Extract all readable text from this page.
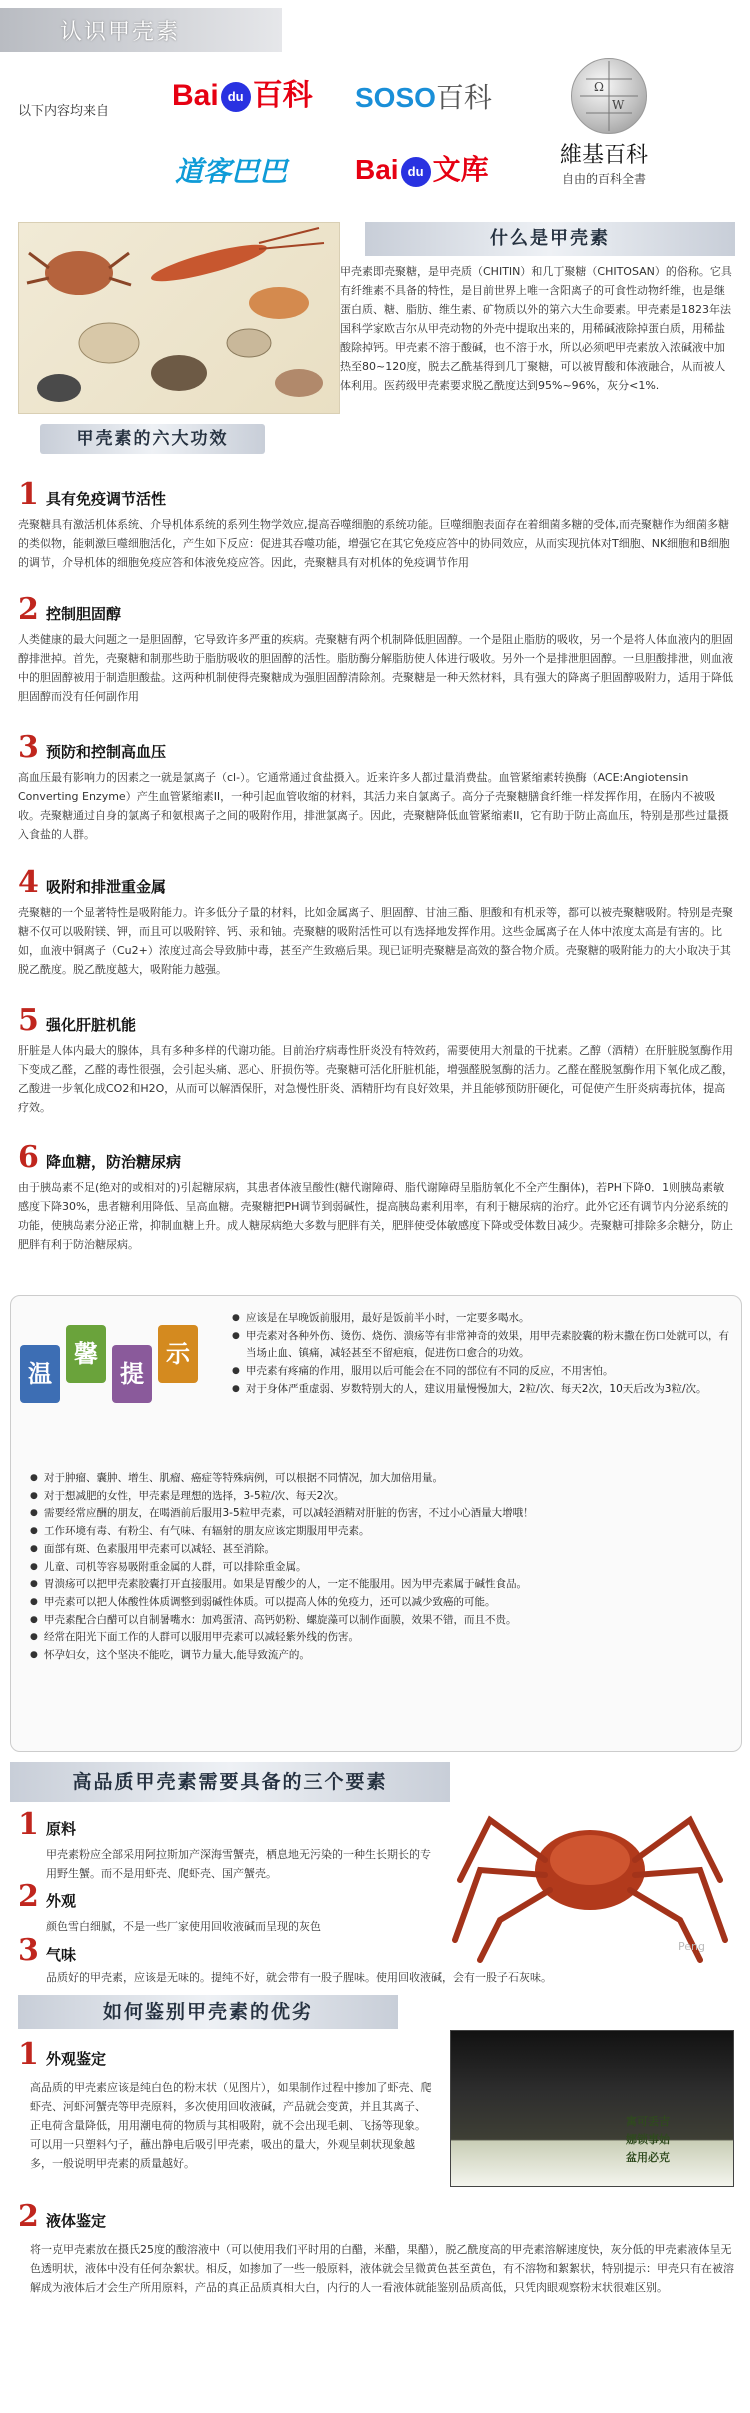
认识甲壳素
以下内容均来自 Bai du 百科 SOSO百科
道客巴巴 Bai du 文库
Ω
W
維基百科
自由的百科全書
什么是甲壳素
甲壳素即壳聚糖，是甲壳质（CHITIN）和几丁聚糖（CHITOSAN）的俗称。它具有纤维素不具备的特性，是目前世界上唯一含阳离子的可食性动物纤维，也是继蛋白质、糖、脂肪、维生素、矿物质以外的第六大生命要素。甲壳素是1823年法国科学家欧吉尔从甲壳动物的外壳中提取出来的，用稀碱液除掉蛋白质，用稀盐酸除掉钙。甲壳素不溶于酸碱，也不溶于水，所以必须吧甲壳素放入浓碱液中加热至80~120度，脱去乙酰基得到几丁聚糖，可以被胃酸和体液融合，从而被人体利用。医药级甲壳素要求脱乙酰度达到95%~96%，灰分<1%.
甲壳素的六大功效
1 具有免疫调节活性
壳聚糖具有激活机体系统、介导机体系统的系列生物学效应,提高吞噬细胞的系统功能。巨噬细胞表面存在着细菌多糖的受体,而壳聚糖作为细菌多糖的类似物，能刺激巨噬细胞活化，产生如下反应：促进其吞噬功能，增强它在其它免疫应答中的协同效应，从而实现抗体对T细胞、NK细胞和B细胞的调节，介导机体的细胞免疫应答和体液免疫应答。因此，壳聚糖具有对机体的免疫调节作用
2 控制胆固醇
人类健康的最大问题之一是胆固醇，它导致许多严重的疾病。壳聚糖有两个机制降低胆固醇。一个是阻止脂肪的吸收，另一个是将人体血液内的胆固醇排泄掉。首先，壳聚糖和制那些助于脂肪吸收的胆固醇的活性。脂肪酶分解脂肪使人体进行吸收。另外一个是排泄胆固醇。一旦胆酸排泄，则血液中的胆固醇被用于制造胆酸盐。这两种机制使得壳聚糖成为强胆固醇清除剂。壳聚糖是一种天然材料，具有强大的降离子胆固醇吸附力，适用于降低胆固醇而没有任何副作用
3 预防和控制高血压
高血压最有影响力的因素之一就是氯离子（cl-）。它通常通过食盐摄入。近来许多人都过量消费盐。血管紧缩素转换酶（ACE:Angiotensin Converting Enzyme）产生血管紧缩素II，一种引起血管收缩的材料，其活力来自氯离子。高分子壳聚糖膳食纤维一样发挥作用，在肠内不被吸收。壳聚糖通过自身的氯离子和氨根离子之间的吸附作用，排泄氯离子。因此，壳聚糖降低血管紧缩素II，它有助于防止高血压，特别是那些过量摄入食盐的人群。
4 吸附和排泄重金属
壳聚糖的一个显著特性是吸附能力。许多低分子量的材料，比如金属离子、胆固醇、甘油三酯、胆酸和有机汞等，都可以被壳聚糖吸附。特别是壳聚糖不仅可以吸附镁、钾，而且可以吸附锌、钙、汞和铀。壳聚糖的吸附活性可以有选择地发挥作用。这些金属离子在人体中浓度太高是有害的。比如，血液中铜离子（Cu2+）浓度过高会导致肺中毒，甚至产生致癌后果。现已证明壳聚糖是高效的螯合物介质。壳聚糖的吸附能力的大小取决于其脱乙酰度。脱乙酰度越大，吸附能力越强。
5 强化肝脏机能
肝脏是人体内最大的腺体，具有多种多样的代谢功能。目前治疗病毒性肝炎没有特效药，需要使用大剂量的干扰素。乙醇（酒精）在肝脏脱氢酶作用下变成乙醛，乙醛的毒性很强，会引起头痛、恶心、肝损伤等。壳聚糖可活化肝脏机能，增强醛脱氢酶的活力。乙醛在醛脱氢酶作用下氧化成乙酸，乙酸进一步氧化成CO2和H2O，从而可以解酒保肝，对急慢性肝炎、酒精肝均有良好效果，并且能够预防肝硬化，可促使产生肝炎病毒抗体，提高疗效。
6 降血糖，防治糖尿病
由于胰岛素不足(绝对的或相对的)引起糖尿病，其患者体液呈酸性(糖代谢障碍、脂代谢障碍呈脂肪氧化不全产生酮体)，若PH下降0．1则胰岛素敏感度下降30%，患者糖利用降低、呈高血糖。壳聚糖把PH调节到弱碱性，提高胰岛素利用率，有利于糖尿病的治疗。此外它还有调节内分泌系统的功能，使胰岛素分泌正常，抑制血糖上升。成人糖尿病绝大多数与肥胖有关，肥胖使受体敏感度下降或受体数目减少。壳聚糖可排除多余糖分，防止肥胖有利于防治糖尿病。
温
馨
提
示
● 应该是在早晚饭前服用，最好是饭前半小时，一定要多喝水。
● 甲壳素对各种外伤、烫伤、烧伤、溃疡等有非常神奇的效果，用甲壳素胶囊的粉末撒在伤口处就可以，有当场止血、镇痛，减轻甚至不留疤痕，促进伤口愈合的功效。
● 甲壳素有疼痛的作用，服用以后可能会在不同的部位有不同的反应，不用害怕。
● 对于身体严重虚弱、岁数特别大的人，建议用量慢慢加大，2粒/次、每天2次，10天后改为3粒/次。
● 对于肿瘤、囊肿、增生、肌瘤、癌症等特殊病例，可以根据不同情况，加大加倍用量。
● 对于想减肥的女性，甲壳素是理想的选择，3-5粒/次、每天2次。
● 需要经常应酬的朋友，在喝酒前后服用3-5粒甲壳素，可以减轻酒精对肝脏的伤害，不过小心酒量大增哦！
● 工作环境有毒、有粉尘、有气味、有辐射的朋友应该定期服用甲壳素。
● 面部有斑、色素服用甲壳素可以减轻、甚至消除。
● 儿童、司机等容易吸附重金属的人群，可以排除重金属。
● 胃溃疡可以把甲壳素胶囊打开直接服用。如果是胃酸少的人，一定不能服用。因为甲壳素属于碱性食品。
● 甲壳素可以把人体酸性体质调整到弱碱性体质。可以提高人体的免疫力，还可以减少致癌的可能。
● 甲壳素配合白醋可以自制暑嘴水：加鸡蛋清、高钙奶粉、螺旋藻可以制作面膜，效果不错，而且不贵。
● 经常在阳光下面工作的人群可以服用甲壳素可以减轻紫外线的伤害。
● 怀孕妇女，这个坚决不能吃，调节力量大,能导致流产的。
高品质甲壳素需要具备的三个要素
1 原料
甲壳素粉应全部采用阿拉斯加产深海雪蟹壳，栖息地无污染的一种生长期长的专用野生蟹。而不是用虾壳、爬虾壳、国产蟹壳。
2 外观
颜色雪白细腻，不是一些厂家使用回收液碱而呈现的灰色
3 气味
品质好的甲壳素，应该是无味的。提纯不好，就会带有一股子腥味。使用回收液碱，会有一股子石灰味。
Peng
如何鉴别甲壳素的优劣
1 外观鉴定
高品质的甲壳素应该是纯白色的粉末状（见图片），如果制作过程中掺加了虾壳、爬虾壳、河虾河蟹壳等甲壳原料，多次使用回收液碱，产品就会变黄，并且其离子、正电荷含量降低，用用潮电荷的物质与其相吸附，就不会出现毛刺、飞扬等现象。可以用一只塑料勺子，蘸出静电后吸引甲壳素，吸出的量大，外观呈刺状现象越多，一般说明甲壳素的质量越好。
寓可丢吉
娜锁事始
盆用必克
2 液体鉴定
将一克甲壳素放在摄氏25度的酸溶液中（可以使用我们平时用的白醋，米醋，果醋），脱乙酰度高的甲壳素溶解速度快，灰分低的甲壳素液体呈无色透明状，液体中没有任何杂絮状。相反，如掺加了一些一般原料，液体就会呈微黄色甚至黄色，有不溶物和絮絮状，特别提示：甲壳只有在被溶解成为液体后才会生产所用原料，产品的真正品质真相大白，内行的人一看液体就能鉴别品质高低，只凭肉眼观察粉末状很难区别。
